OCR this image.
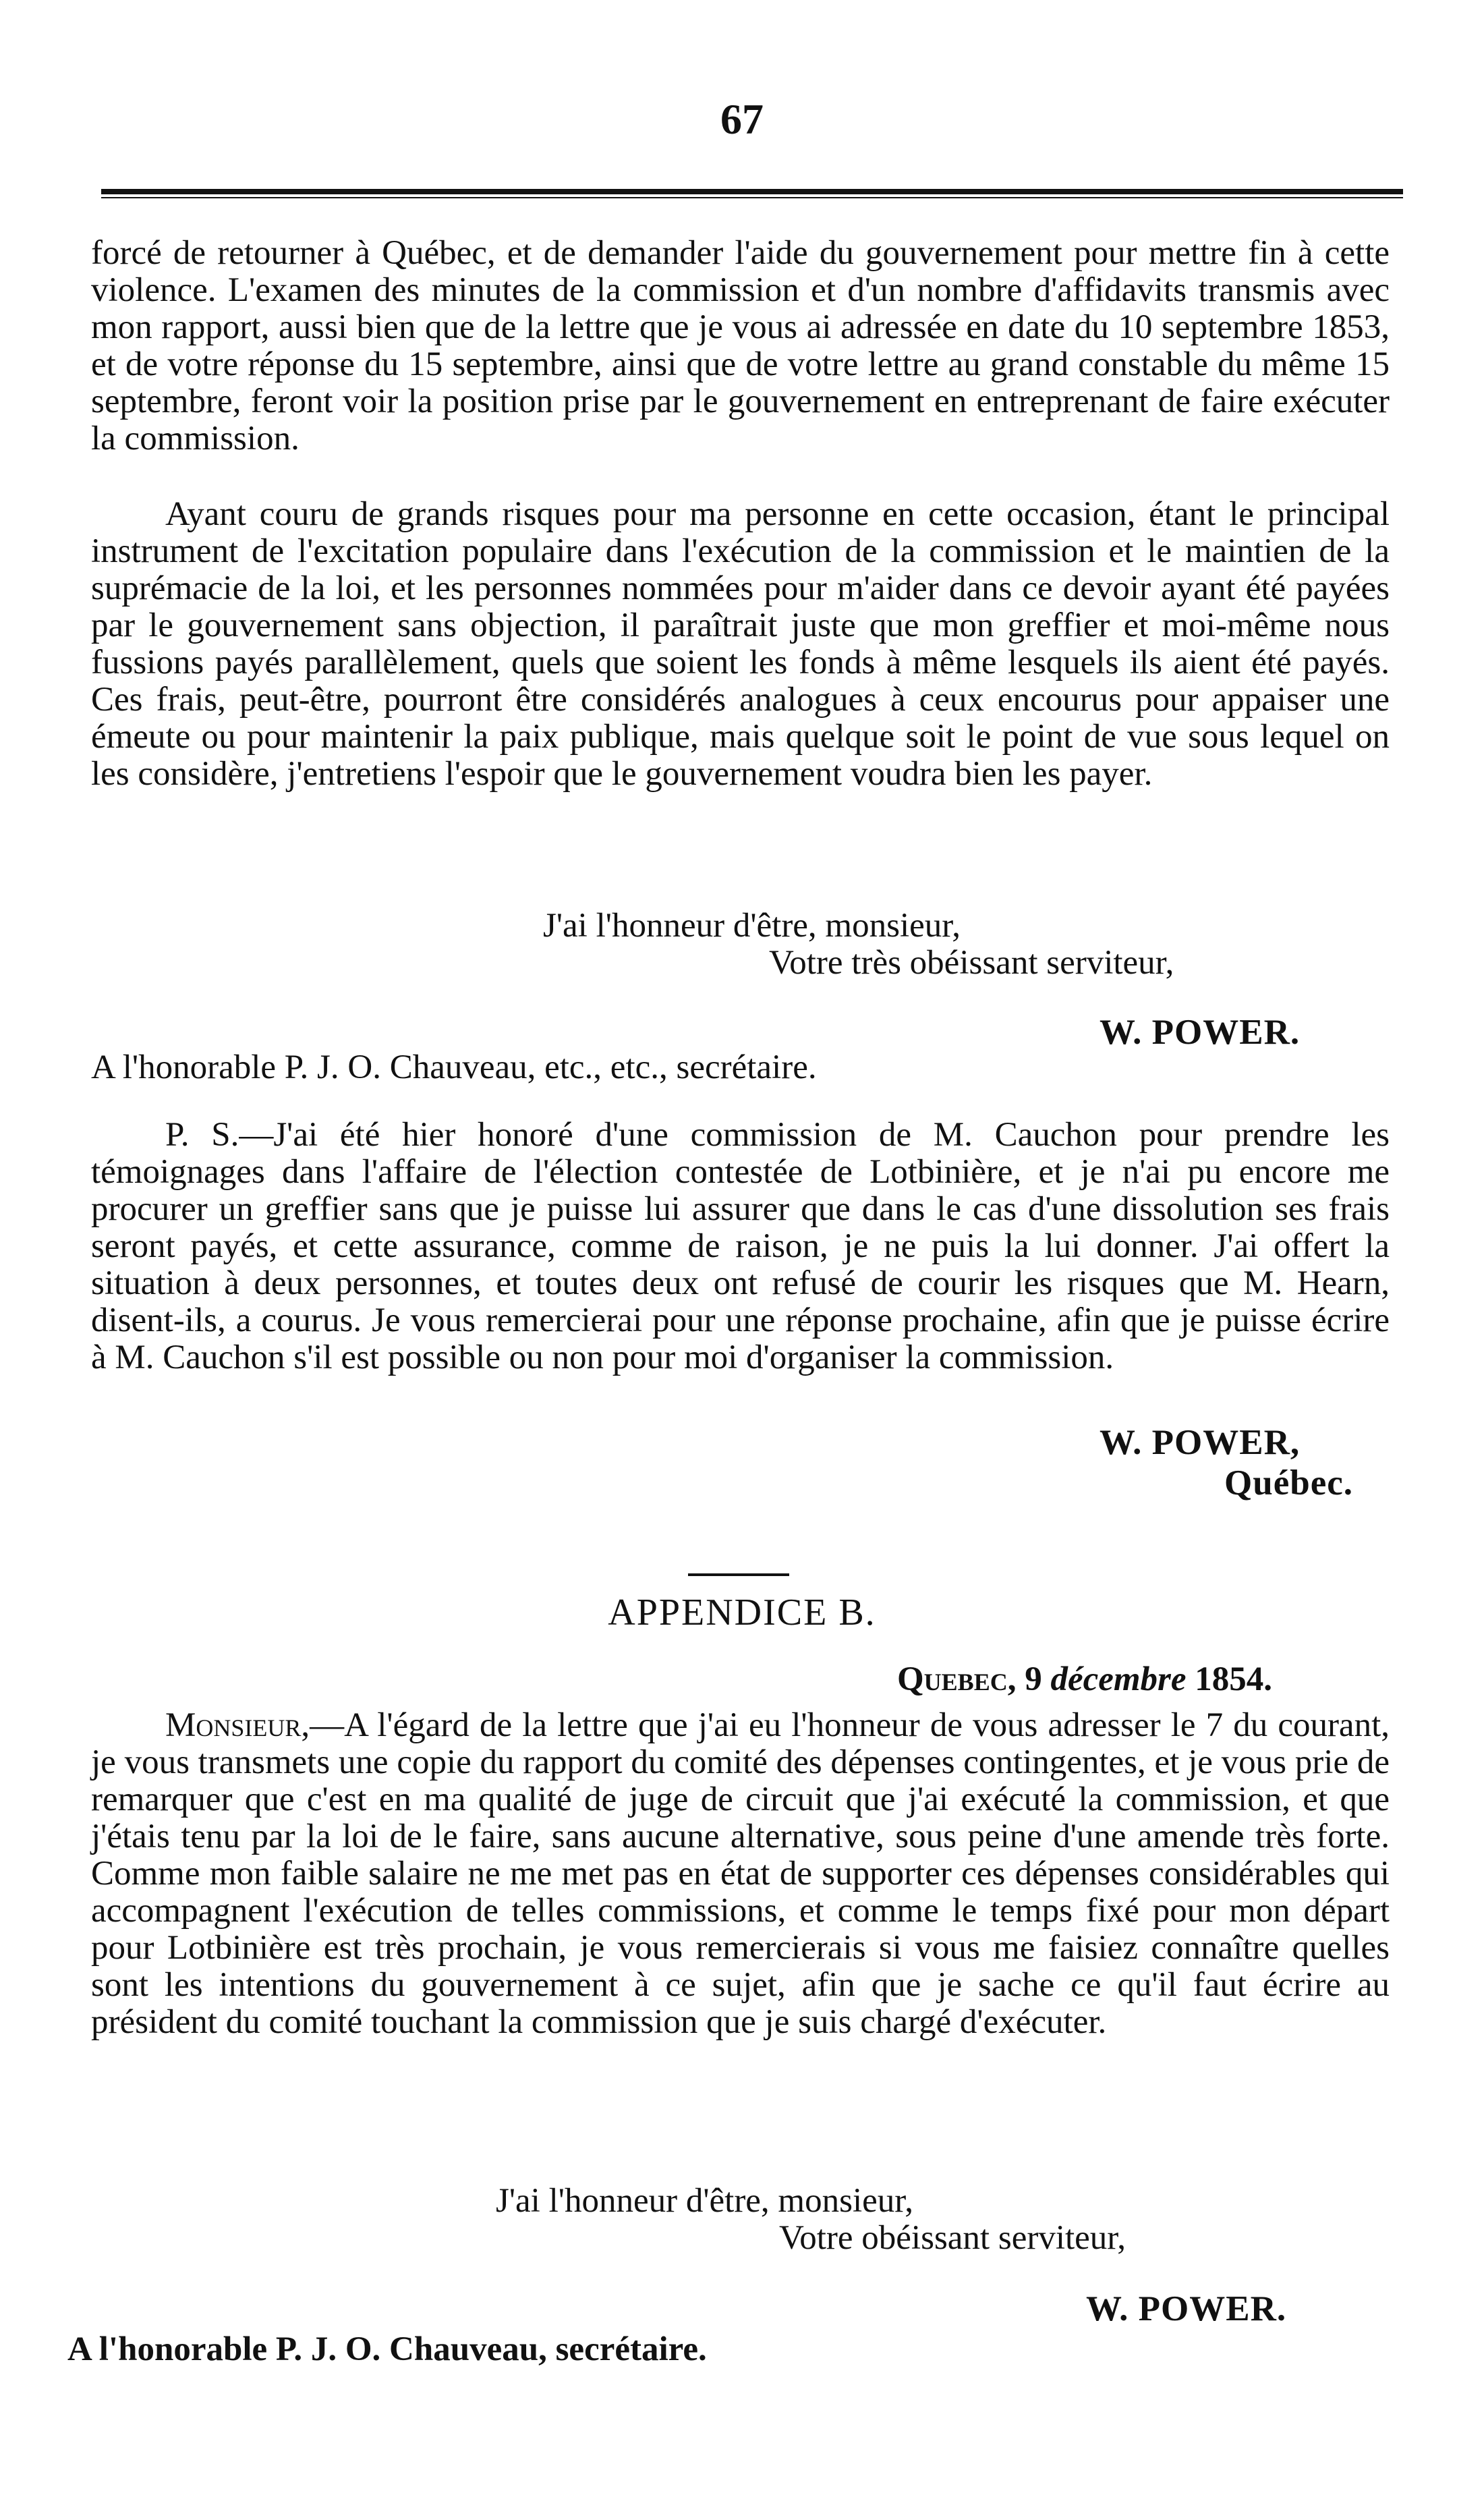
67

forcé de retourner à Québec, et de demander l'aide du gouvernement pour mettre fin à cette violence. L'examen des minutes de la commission et d'un nombre d'affidavits transmis avec mon rapport, aussi bien que de la lettre que je vous ai adressée en date du 10 septembre 1853, et de votre réponse du 15 septembre, ainsi que de votre lettre au grand constable du même 15 septembre, feront voir la position prise par le gouvernement en entreprenant de faire exécuter la commission.

Ayant couru de grands risques pour ma personne en cette occasion, étant le principal instrument de l'excitation populaire dans l'exécution de la commission et le maintien de la suprémacie de la loi, et les personnes nommées pour m'aider dans ce devoir ayant été payées par le gouvernement sans objection, il paraîtrait juste que mon greffier et moi-même nous fussions payés parallèlement, quels que soient les fonds à même lesquels ils aient été payés. Ces frais, peut-être, pourront être considérés analogues à ceux encourus pour appaiser une émeute ou pour maintenir la paix publique, mais quelque soit le point de vue sous lequel on les considère, j'entretiens l'espoir que le gouvernement voudra bien les payer.

J'ai l'honneur d'être, monsieur,

Votre très obéissant serviteur,

W. POWER.

A l'honorable P. J. O. Chauveau, etc., etc., secrétaire.

P. S.—J'ai été hier honoré d'une commission de M. Cauchon pour prendre les témoignages dans l'affaire de l'élection contestée de Lotbinière, et je n'ai pu encore me procurer un greffier sans que je puisse lui assurer que dans le cas d'une dissolution ses frais seront payés, et cette assurance, comme de raison, je ne puis la lui donner. J'ai offert la situation à deux personnes, et toutes deux ont refusé de courir les risques que M. Hearn, disent-ils, a courus. Je vous remercierai pour une réponse prochaine, afin que je puisse écrire à M. Cauchon s'il est possible ou non pour moi d'organiser la commission.

W. POWER,

Québec.

APPENDICE B.

Quebec, 9 décembre 1854.

Monsieur,—A l'égard de la lettre que j'ai eu l'honneur de vous adresser le 7 du courant, je vous transmets une copie du rapport du comité des dépenses contingentes, et je vous prie de remarquer que c'est en ma qualité de juge de circuit que j'ai exécuté la commission, et que j'étais tenu par la loi de le faire, sans aucune alternative, sous peine d'une amende très forte. Comme mon faible salaire ne me met pas en état de supporter ces dépenses considérables qui accompagnent l'exécution de telles commissions, et comme le temps fixé pour mon départ pour Lotbinière est très prochain, je vous remercierais si vous me faisiez connaître quelles sont les intentions du gouvernement à ce sujet, afin que je sache ce qu'il faut écrire au président du comité touchant la commission que je suis chargé d'exécuter.

J'ai l'honneur d'être, monsieur,

Votre obéissant serviteur,

W. POWER.

A l'honorable P. J. O. Chauveau, secrétaire.
